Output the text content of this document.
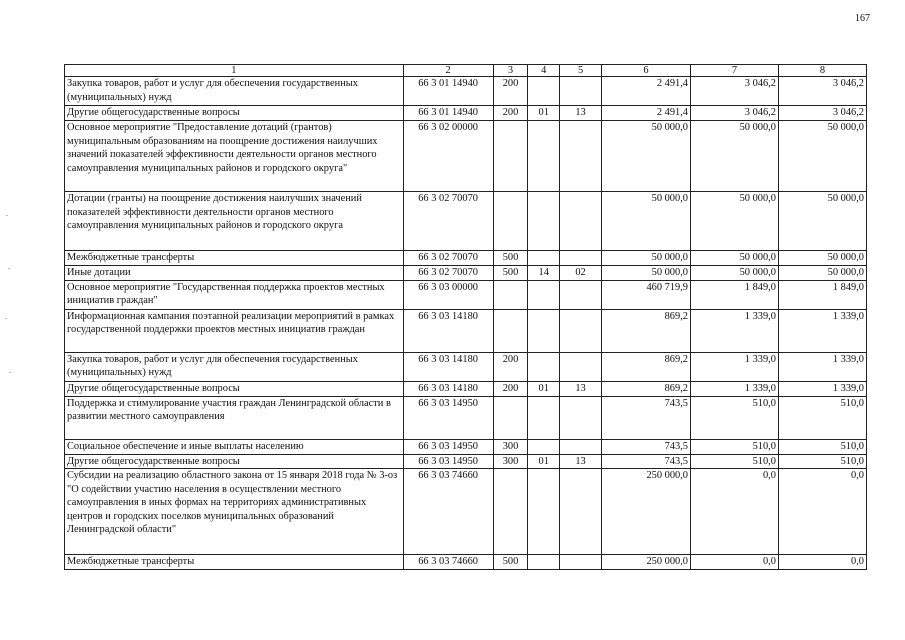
167
1	2	3	4	5	6	7	8
Закупка товаров, работ и услуг для обеспечения государственных (муниципальных) нужд	66 3 01 14940	200			2 491,4	3 046,2	3 046,2
Другие общегосударственные вопросы	66 3 01 14940	200	01	13	2 491,4	3 046,2	3 046,2
Основное мероприятие "Предоставление дотаций (грантов) муниципальным образованиям на поощрение достижения наилучших значений показателей эффективности деятельности органов местного самоуправления муниципальных районов и городского округа"	66 3 02 00000				50 000,0	50 000,0	50 000,0
Дотации (гранты) на поощрение достижения наилучших значений показателей эффективности деятельности органов местного самоуправления муниципальных районов и городского округа	66 3 02 70070				50 000,0	50 000,0	50 000,0
Межбюджетные трансферты	66 3 02 70070	500			50 000,0	50 000,0	50 000,0
Иные дотации	66 3 02 70070	500	14	02	50 000,0	50 000,0	50 000,0
Основное мероприятие "Государственная поддержка проектов местных инициатив граждан"	66 3 03 00000				460 719,9	1 849,0	1 849,0
Информационная кампания поэтапной реализации мероприятий в рамках государственной поддержки проектов местных инициатив граждан	66 3 03 14180				869,2	1 339,0	1 339,0
Закупка товаров, работ и услуг для обеспечения государственных (муниципальных) нужд	66 3 03 14180	200			869,2	1 339,0	1 339,0
Другие общегосударственные вопросы	66 3 03 14180	200	01	13	869,2	1 339,0	1 339,0
Поддержка и стимулирование участия граждан Ленинградской области в развитии местного самоуправления	66 3 03 14950				743,5	510,0	510,0
Социальное обеспечение и иные выплаты населению	66 3 03 14950	300			743,5	510,0	510,0
Другие общегосударственные вопросы	66 3 03 14950	300	01	13	743,5	510,0	510,0
Субсидии на реализацию областного закона от 15 января 2018 года № 3-оз "О содействии участию населения в осуществлении местного самоуправления в иных формах на территориях административных центров и городских поселков муниципальных образований Ленинградской области"	66 3 03 74660				250 000,0	0,0	0,0
Межбюджетные трансферты	66 3 03 74660	500			250 000,0	0,0	0,0
